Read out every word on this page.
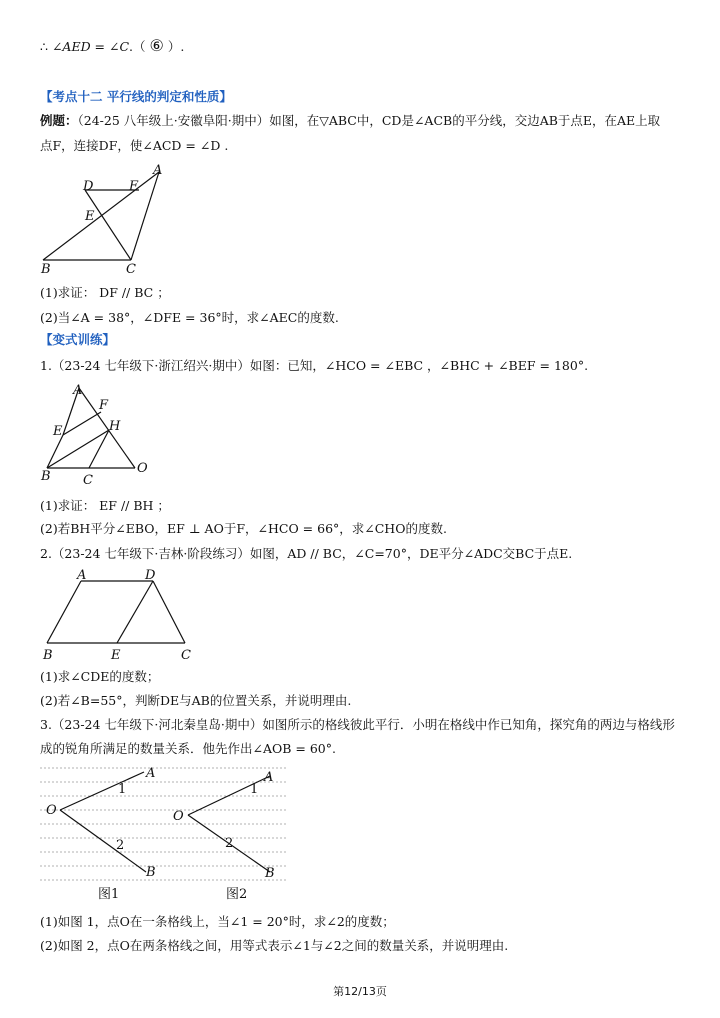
∴ ∠AED = ∠C.（ ⑥ ）.
【考点十二 平行线的判定和性质】
例题：（24-25 八年级上·安徽阜阳·期中）如图，在▽ABC中，CD是∠ACB的平分线，交边AB于点E，在AE上取
点F，连接DF，使∠ACD = ∠D .
A
D	F
E
B	C
(1)求证： DF // BC ；
(2)当∠A = 38°，∠DFE = 36°时，求∠AEC的度数.
【变式训练】
1.（23-24 七年级下·浙江绍兴·期中）如图：已知，∠HCO = ∠EBC ，∠BHC + ∠BEF = 180°.
A
F
E	H
B C
O
(1)求证： EF // BH ；
(2)若BH平分∠EBO，EF ⊥ AO于F，∠HCO = 66°，求∠CHO的度数.
2.（23-24 七年级下·吉林·阶段练习）如图，AD // BC，∠C=70°，DE平分∠ADC交BC于点E.
A	D
B	E	C
(1)求∠CDE的度数；
(2)若∠B=55°，判断DE与AB的位置关系，并说明理由.
3.（23-24 七年级下·河北秦皇岛·期中）如图所示的格线彼此平行．小明在格线中作已知角，探究角的两边与格线形
成的锐角所满足的数量关系．他先作出∠AOB = 60°.
A
1
O
2
B
A
1
O
2
B
图1	图2
(1)如图 1，点O在一条格线上，当∠1 = 20°时，求∠2的度数；
(2)如图 2，点O在两条格线之间，用等式表示∠1与∠2之间的数量关系，并说明理由.
第12/13页
